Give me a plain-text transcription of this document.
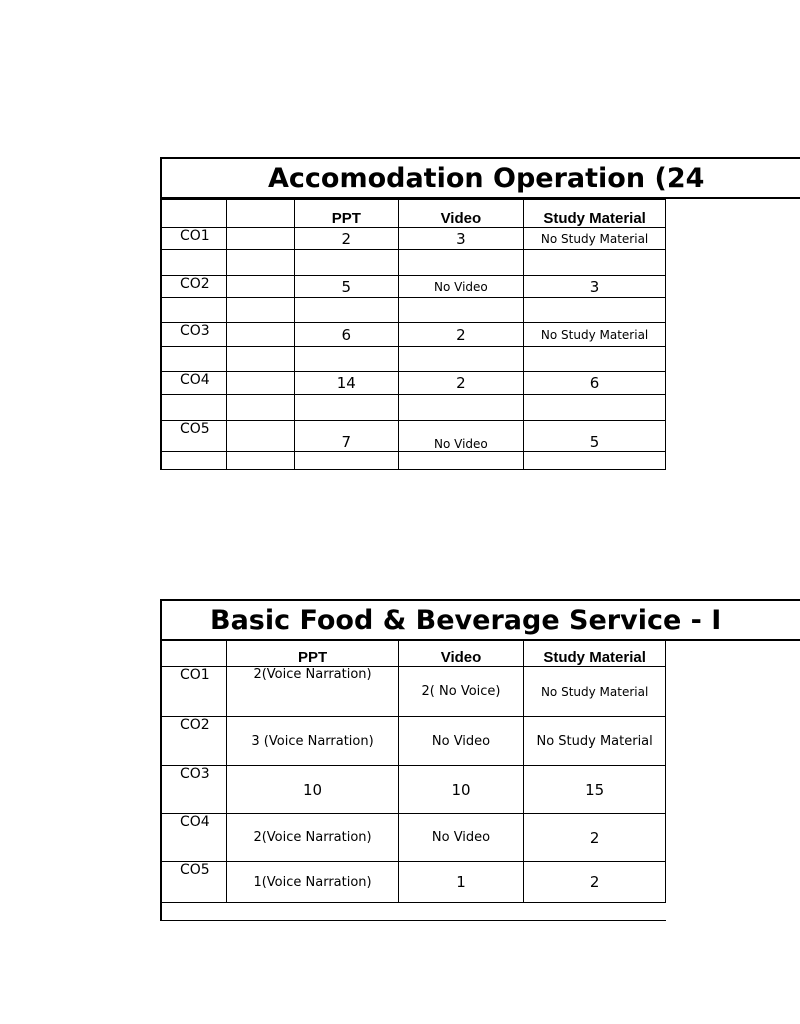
Accomodation Operation (24
		PPT	Video	Study Material
CO1		2	3	No Study Material

CO2		5	No Video	3

CO3		6	2	No Study Material

CO4		14	2	6

CO5		7	No Video	5

Basic Food & Beverage Service - I
	PPT	Video	Study Material
CO1	2(Voice Narration)	2( No Voice)	No Study Material
CO2	3 (Voice Narration)	No Video	No Study Material
CO3	10	10	15
CO4	2(Voice Narration)	No Video	2
CO5	1(Voice Narration)	1	2
